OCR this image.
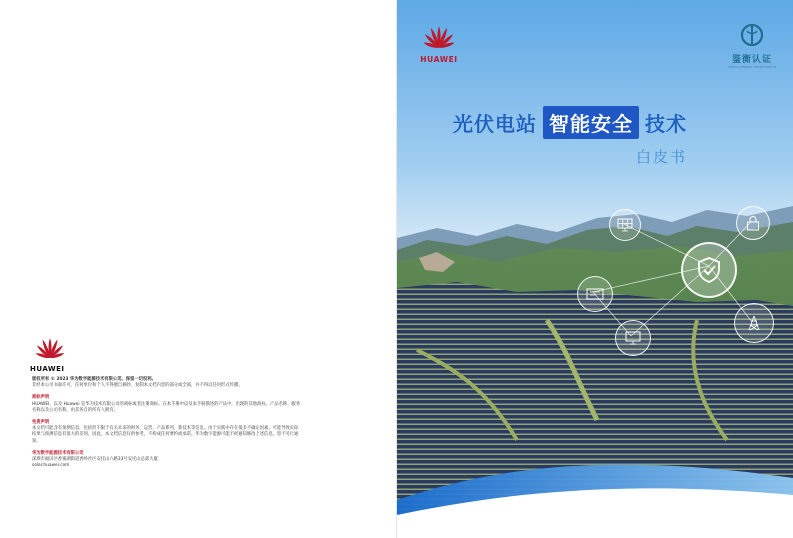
HUAWEI

版权所有 © 2023 华为数字能源技术有限公司。保留一切权利。

非经本公司书面许可，任何单位和个人不得擅自摘抄、复制本文档内容的部分或全部，并不得以任何形式传播。

商标声明

HUAWEI、以及 Huawei 是华为技术有限公司的商标或者注册商标。在本手册中以及本手册描述的产品中，出现的其他商标、产品名称、服务名称以及公司名称，由其各自的所有人拥有。

免责声明

本文档可能含有预测信息，包括但不限于有关未来的财务、运营、产品系列、新技术等信息。由于实践中存在很多不确定因素，可能导致实际结果与预测信息有很大的差别。因此，本文档信息仅供参考，不构成任何要约或承诺。华为数字能源可能不经通知修改上述信息，恕不另行通知。

华为数字能源技术有限公司

深圳市福田区香蜜湖街道香岭社区安托山六路33号安托山总部大厦

solar.huawei.com

HUAWEI	鉴衡认证
CHINA GENERAL CERTIFICATION
光伏电站 智能安全 技术
白皮书
